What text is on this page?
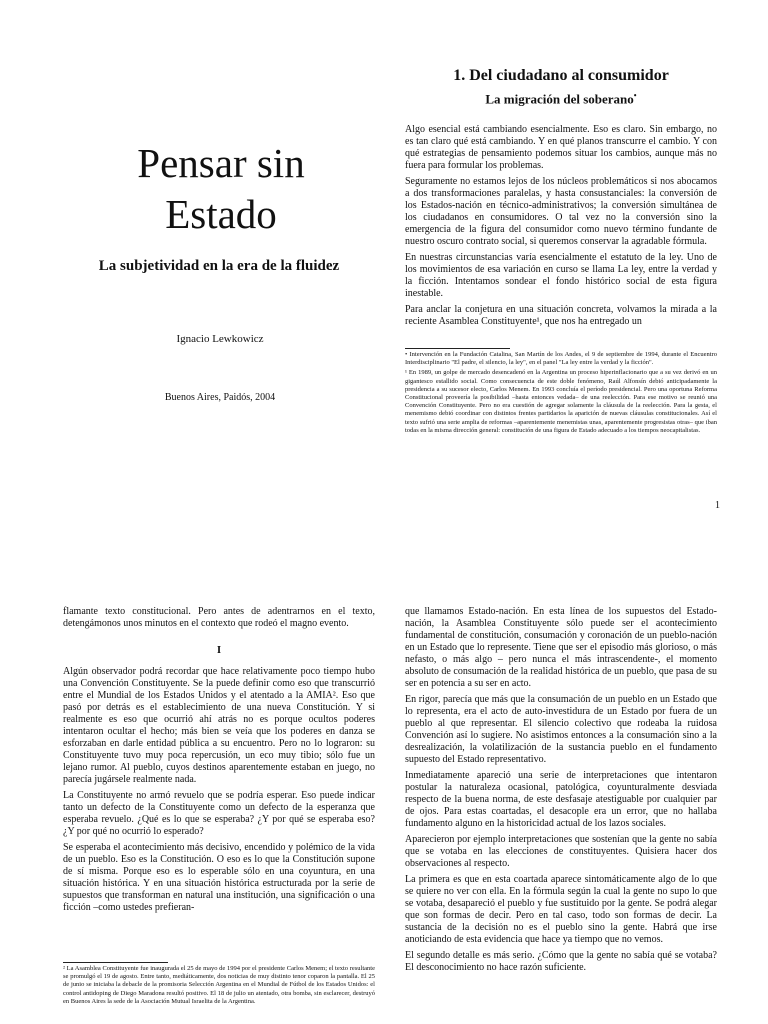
Pensar sin Estado

La subjetividad en la era de la fluidez

Ignacio Lewkowicz

Buenos Aires, Paidós, 2004

1. Del ciudadano al consumidor
La migración del soberano•

Algo esencial está cambiando esencialmente. Eso es claro. Sin embargo, no es tan claro qué está cambiando. Y en qué planos transcurre el cambio. Y con qué estrategias de pensamiento podemos situar los cambios, aunque más no fuera para formular los problemas.

Seguramente no estamos lejos de los núcleos problemáticos si nos abocamos a dos transformaciones paralelas, y hasta consustanciales: la conversión de los Estados-nación en técnico-administrativos; la conversión simultánea de los ciudadanos en consumidores. O tal vez no la conversión sino la emergencia de la figura del consumidor como nuevo término fundante de nuestro oscuro contrato social, si queremos conservar la agradable fórmula.

En nuestras circunstancias varía esencialmente el estatuto de la ley. Uno de los movimientos de esa variación en curso se llama La ley, entre la verdad y la ficción. Intentamos sondear el fondo histórico social de esta figura inestable.

Para anclar la conjetura en una situación concreta, volvamos la mirada a la reciente Asamblea Constituyente¹, que nos ha entregado un

• Intervención en la Fundación Catalina, San Martín de los Andes, el 9 de septiembre de 1994, durante el Encuentro Interdisciplinario "El padre, el silencio, la ley", en el panel "La ley entre la verdad y la ficción".

¹ En 1989, un golpe de mercado desencadenó en la Argentina un proceso hiperinflacionario que a su vez derivó en un gigantesco estallido social. Como consecuencia de este doble fenómeno, Raúl Alfonsín debió anticipadamente la presidencia a su sucesor electo, Carlos Menem. En 1993 concluía el período presidencial. Pero una oportuna Reforma Constitucional proveería la posibilidad –hasta entonces vedada– de una reelección. Para ese motivo se reunió una Convención Constituyente. Pero no era cuestión de agregar solamente la cláusula de la reelección. Para la gesta, el menemismo debió coordinar con distintos frentes partidarios la aparición de nuevas cláusulas constitucionales. Así el texto sufrió una serie amplia de reformas –aparentemente menemistas unas, aparentemente progresistas otras– que iban todas en la misma dirección general: constitución de una figura de Estado adecuado a los tiempos neocapitalistas.

1

flamante texto constitucional. Pero antes de adentrarnos en el texto, detengámonos unos minutos en el contexto que rodeó el magno evento.

I

Algún observador podrá recordar que hace relativamente poco tiempo hubo una Convención Constituyente. Se la puede definir como eso que transcurrió entre el Mundial de los Estados Unidos y el atentado a la AMIA². Eso que pasó por detrás es el establecimiento de una nueva Constitución. Y si realmente es eso que ocurrió ahí atrás no es porque ocultos poderes intentaron ocultar el hecho; más bien se veía que los poderes en danza se esforzaban en darle entidad pública a su encuentro. Pero no lo lograron: su Constituyente tuvo muy poca repercusión, un eco muy tibio; sólo fue un lejano rumor. Al pueblo, cuyos destinos aparentemente estaban en juego, no parecía jugársele realmente nada.

La Constituyente no armó revuelo que se podría esperar. Eso puede indicar tanto un defecto de la Constituyente como un defecto de la esperanza que esperaba revuelo. ¿Qué es lo que se esperaba? ¿Y por qué se esperaba eso? ¿Y por qué no ocurrió lo esperado?

Se esperaba el acontecimiento más decisivo, encendido y polémico de la vida de un pueblo. Eso es la Constitución. O eso es lo que la Constitución supone de sí misma. Porque eso es lo esperable sólo en una coyuntura, en una situación histórica. Y en una situación histórica estructurada por la serie de supuestos que transforman en natural una institución, una significación o una ficción –como ustedes prefieran-

² La Asamblea Constituyente fue inaugurada el 25 de mayo de 1994 por el presidente Carlos Menem; el texto resultante se promulgó el 19 de agosto. Entre tanto, mediáticamente, dos noticias de muy distinto tenor coparon la pantalla. El 25 de junio se iniciaba la debacle de la promisoria Selección Argentina en el Mundial de Fútbol de los Estados Unidos: el control antidoping de Diego Maradona resultó positivo. El 18 de julio un atentado, otra bomba, sin esclarecer, destruyó en Buenos Aires la sede de la Asociación Mutual Israelita de la Argentina.

que llamamos Estado-nación. En esta línea de los supuestos del Estado-nación, la Asamblea Constituyente sólo puede ser el acontecimiento fundamental de constitución, consumación y coronación de un pueblo-nación en un Estado que lo represente. Tiene que ser el episodio más glorioso, o más nefasto, o más algo – pero nunca el más intrascendente-, el momento absoluto de consumación de la realidad histórica de un pueblo, que pasa de su ser en potencia a su ser en acto.

En rigor, parecía que más que la consumación de un pueblo en un Estado que lo representa, era el acto de auto-investidura de un Estado por fuera de un pueblo al que representar. El silencio colectivo que rodeaba la ruidosa Convención así lo sugiere. No asistimos entonces a la consumación sino a la desrealización, la volatilización de la sustancia pueblo en el fundamento supuesto del Estado representativo.

Inmediatamente apareció una serie de interpretaciones que intentaron postular la naturaleza ocasional, patológica, coyunturalmente desviada respecto de la buena norma, de este desfasaje atestiguable por cualquier par de ojos. Para estas coartadas, el desacople era un error, que no hallaba fundamento alguno en la historicidad actual de los lazos sociales.

Aparecieron por ejemplo interpretaciones que sostenían que la gente no sabía que se votaba en las elecciones de constituyentes. Quisiera hacer dos observaciones al respecto.

La primera es que en esta coartada aparece sintomáticamente algo de lo que se quiere no ver con ella. En la fórmula según la cual la gente no supo lo que se votaba, desapareció el pueblo y fue sustituido por la gente. Se podrá alegar que son formas de decir. Pero en tal caso, todo son formas de decir. La sustancia de la decisión no es el pueblo sino la gente. Habrá que irse anoticiando de esta evidencia que hace ya tiempo que no vemos.

El segundo detalle es más serio. ¿Cómo que la gente no sabía qué se votaba? El desconocimiento no hace razón suficiente.
